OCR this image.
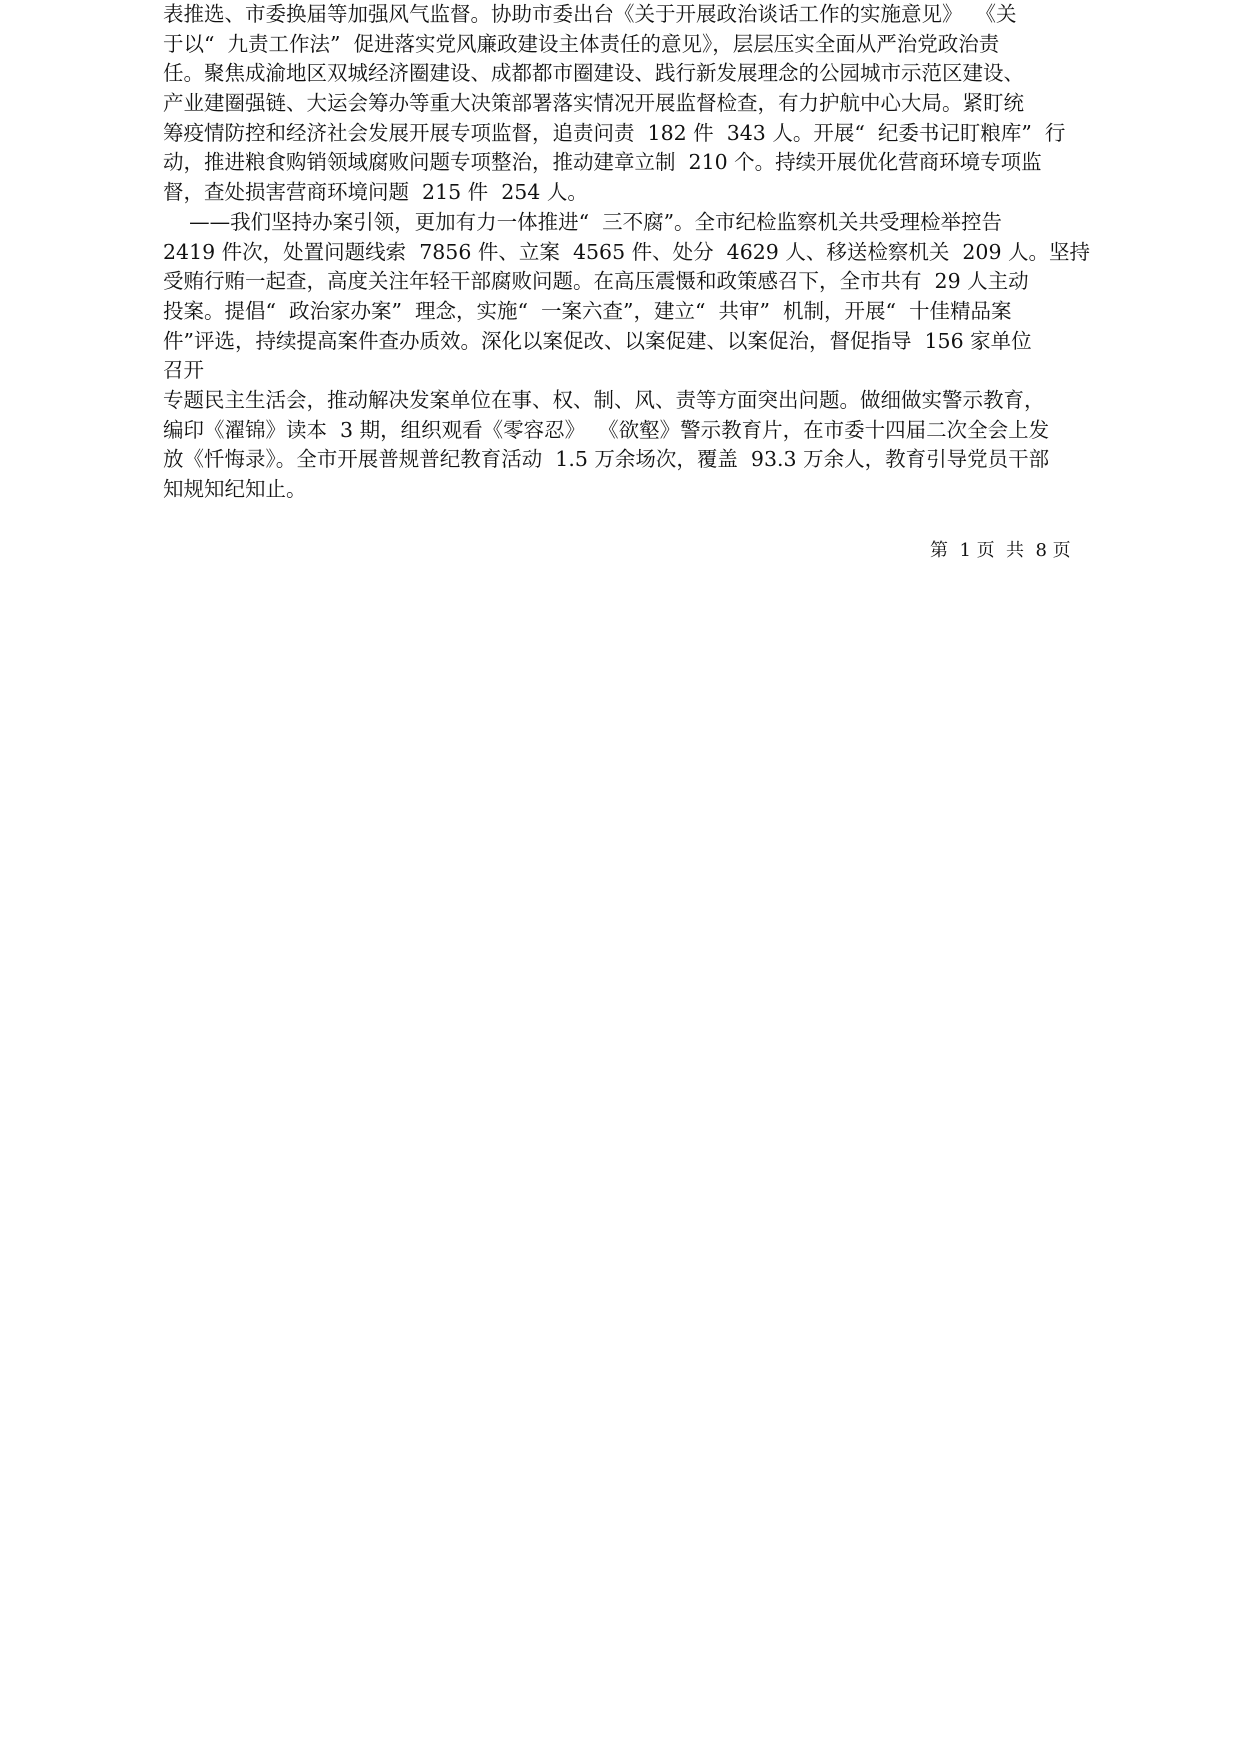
表推选、市委换届等加强风气监督。协助市委出台《关于开展政治谈话工作的实施意见》  《关
于以“  九责工作法”  促进落实党风廉政建设主体责任的意见》，层层压实全面从严治党政治责
任。聚焦成渝地区双城经济圈建设、成都都市圈建设、践行新发展理念的公园城市示范区建设、
产业建圈强链、大运会筹办等重大决策部署落实情况开展监督检查，有力护航中心大局。紧盯统
筹疫情防控和经济社会发展开展专项监督，追责问责  182 件  343 人。开展“  纪委书记盯粮库”  行
动，推进粮食购销领域腐败问题专项整治，推动建章立制  210 个。持续开展优化营商环境专项监
督，查处损害营商环境问题  215 件  254 人。
——我们坚持办案引领，更加有力一体推进“  三不腐”。全市纪检监察机关共受理检举控告
2419 件次，处置问题线索  7856 件、立案  4565 件、处分  4629 人、移送检察机关  209 人。坚持
受贿行贿一起查，高度关注年轻干部腐败问题。在高压震慑和政策感召下，全市共有  29 人主动
投案。提倡“  政治家办案”  理念，实施“  一案六查”，建立“  共审”  机制，开展“  十佳精品案
件”评选，持续提高案件查办质效。深化以案促改、以案促建、以案促治，督促指导  156 家单位
召开
专题民主生活会，推动解决发案单位在事、权、制、风、责等方面突出问题。做细做实警示教育，
编印《濯锦》读本  3 期，组织观看《零容忍》  《欲壑》警示教育片，在市委十四届二次全会上发
放《忏悔录》。全市开展普规普纪教育活动  1.5 万余场次，覆盖  93.3 万余人，教育引导党员干部
知规知纪知止。
第  1 页  共  8 页
